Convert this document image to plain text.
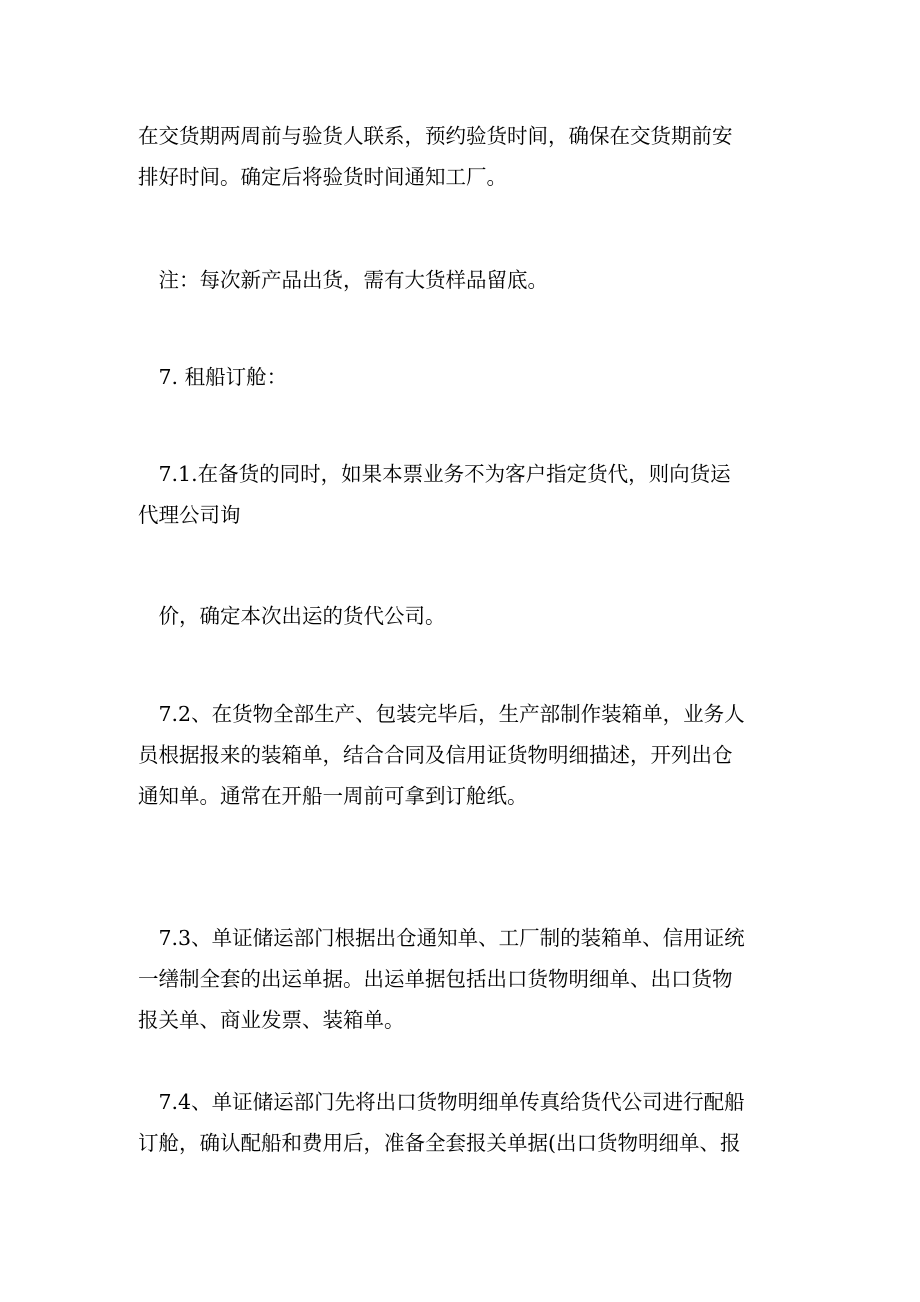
在交货期两周前与验货人联系，预约验货时间，确保在交货期前安
排好时间。确定后将验货时间通知工厂。

　注：每次新产品出货，需有大货样品留底。

　7. 租船订舱：

　7.1.在备货的同时，如果本票业务不为客户指定货代，则向货运
代理公司询

　价，确定本次出运的货代公司。

　7.2、在货物全部生产、包装完毕后，生产部制作装箱单，业务人
员根据报来的装箱单，结合合同及信用证货物明细描述，开列出仓
通知单。通常在开船一周前可拿到订舱纸。

　7.3、单证储运部门根据出仓通知单、工厂制的装箱单、信用证统
一缮制全套的出运单据。出运单据包括出口货物明细单、出口货物
报关单、商业发票、装箱单。

　7.4、单证储运部门先将出口货物明细单传真给货代公司进行配船
订舱，确认配船和费用后，准备全套报关单据(出口货物明细单、报
